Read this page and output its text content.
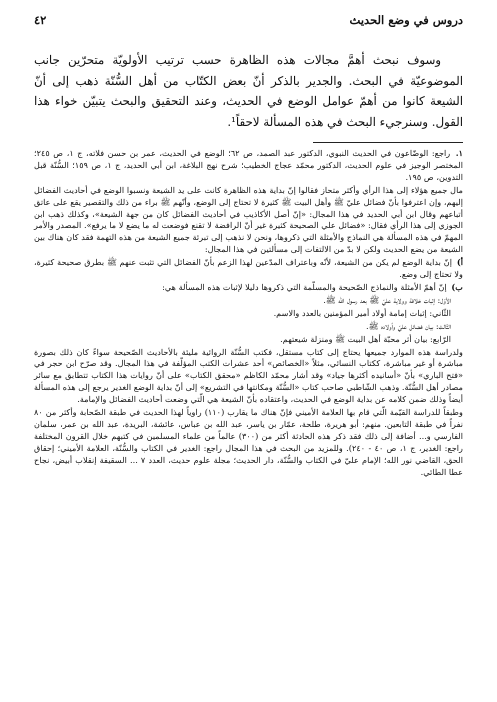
دروس في وضع الحديث
٤٢

وسوف نبحث أهمَّ مجالات هذه الظاهرة حسب ترتيب الأولويّة متحرّين جانب الموضوعيّة في البحث. والجدير بالذكر أنّ بعض الكتّاب من أهل السُّنّة ذهب إلى أنّ الشيعة كانوا من أهمّ عوامل الوضع في الحديث، وعند التحقيق والبحث يتبيّن خواء هذا القول. وسنرجيء البحث في هذه المسألة لاحقاً¹.

١. راجع: الوضّاعون في الحديث النبوي، الدكتور عبد الصمد، ص ٦٢؛ الوضع في الحديث، عمر بن حسن فلاته، ج ١، ص ٢٤٥؛ المختصر الوجيز في علوم الحديث، الدكتور محمّد عجاج الخطيب؛ شرح نهج البلاغة، ابن أبي الحديد، ج ١، ص ١٥٩؛ السُّنّة قبل التدوين، ص ١٩٥.

مال جميع هؤلاء إلى هذا الرأي وأكثر متحاز فقالوا إنّ بداية هذه الظاهرة كانت على يد الشيعة ونسبوا الوضع في أحاديث الفضائل إليهم، وإن اعترفوا بأنّ فضائل عليّ ﷺ وأهل البيت ﷺ كثيرة لا تحتاج إلى الوضع، وأنّهم ﷺ براء من ذلك والتقصير يقع على عاتق أتباعهم وقال ابن أبي الحديد في هذا المجال: «إنّ أصل الأكاذيب في أحاديث الفضائل كان من جهة الشيعة»، وكذلك ذهب ابن الجوزي إلى هذا الرأي فقال: «فضائل علي الصحيحة كثيرة غير أنّ الرافضة لا تقنع فوضعت له ما يضع لا ما يرفع». المصدر والأمر المهمّ في هذه المسألة هي النماذج والأمثلة التي ذكروها، ونحن لا نذهب إلى تبرئة جميع الشيعة من هذه التهمة فقد كان هناك بين الشيعة من يضع الحديث ولكن لا بدّ من الالتفات إلى مسألتين في هذا المجال:

أ) إنّ بداية الوضع لم يكن من الشيعة، لأنّه وباعتراف المدّعين لهذا الزعم بأنّ الفضائل التي تثبت عنهم ﷺ بطرق صحيحة كثيرة، ولا تحتاج إلى وضع.

ب) إنّ أهمّ الأمثلة والنماذج الصّحيحة والمسلّمة التي ذكروها دليلا لإثبات هذه المسألة هي:

الأوّل: إثبات خلافة وولاية عليّ ﷺ بعد رسول الله ﷺ.

الثّاني: إثبات إمامة أولاد أمير المؤمنين بالعدد والاسم.

الثّالث: بيان فضائل عليّ وأولاده ﷺ.

الرّابع: بيان أثر محبّة أهل البيت ﷺ ومنزلة شيعتهم.

ولدراسة هذه الموارد جميعها يحتاج إلى كتاب مستقل، فكتب السُّنّة الروائية مليئة بالأحاديث الصّحيحة سواءً كان ذلك بصورة مباشرة أو غير مباشرة، ككتاب النسائي، مثلاً «الخصائص» أحد عشرات الكتب المؤلّفة في هذا المجال. وقد صرّح ابن حجر في «فتح الباري» بأنّ «أسانيده أكثرها جياد» وقد أشار محمّد الكاظم «محقق الكتاب» على أنّ روايات هذا الكتاب تتطابق مع سائر مصادر أهل السُّنّة. وذهب الشّاطبي صاحب كتاب «السُّنّة ومكانتها في التشريع» إلى أنّ بداية الوضع الغدير يرجع إلى هذه المسألة أيضاً وذلك ضمن كلامه عن بداية الوضع في الحديث، واعتقاده بأنّ الشيعة هي الّتي وضعت أحاديث الفضائل والإمامة.

وطبقاً للدراسة القيّمة الّتي قام بها العلامة الأميني فإنّ هناك ما يقارب (١١٠) راوياً لهذا الحديث في طبقة الصّحابة وأكثر من ٨٠ نفراً في طبقة التابعين. منهم: أبو هريرة، طلحة، عمّار بن ياسر، عبد الله بن عباس، عائشة، البريدة، عبد الله بن عمر، سلمان الفارسي و... أضافة إلى ذلك فقد ذكر هذه الحادثة أكثر من (٣٠٠) عالماً من علماء المسلمين في كتبهم خلال القرون المختلفة راجع: الغدير، ج ١، ص ٤٠ - ٢٤٠). وللمزيد من البحث في هذا المجال راجع: الغدير في الكتاب والسُّنّة، العلامة الأميني؛ إحقاق الحق، القاضي نور الله؛ الإمام عليّ في الكتاب والسُّنّة، دار الحديث؛ مجلة علوم حديث، العدد ٧ ... السقيفة إنقلاب أبيض، نجاح عطا الطائي.
